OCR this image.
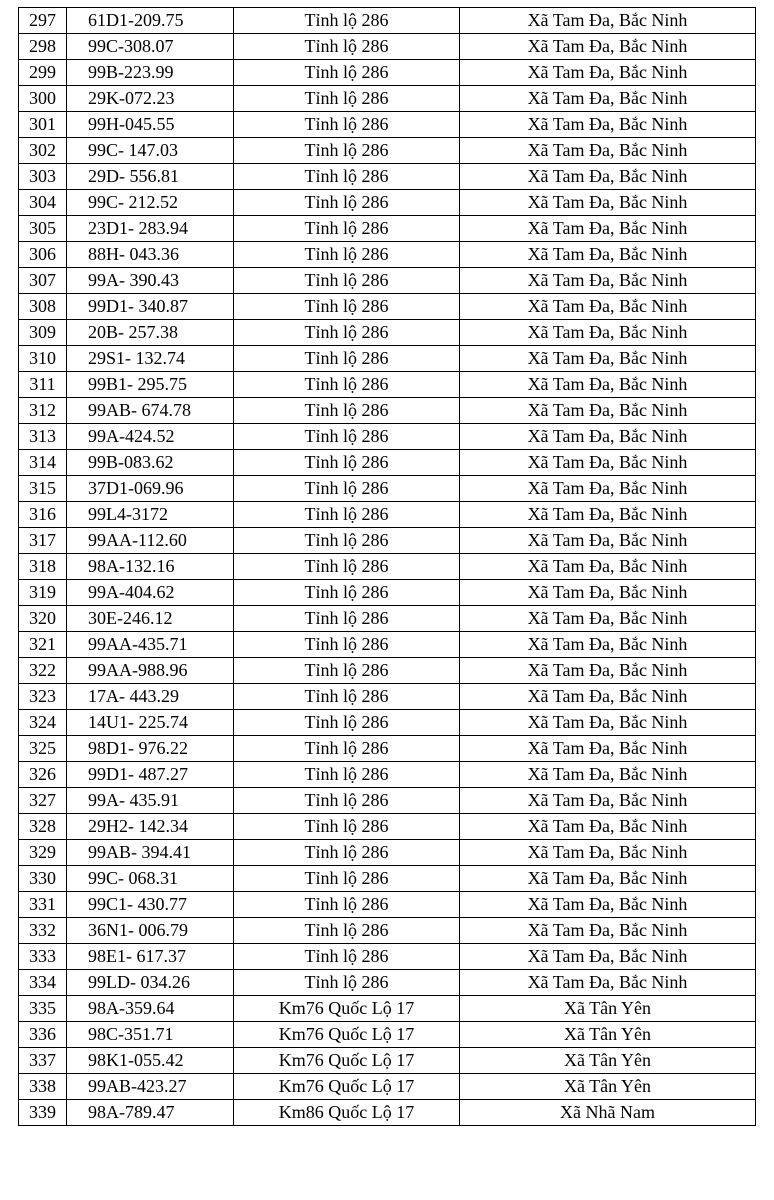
297	61D1-209.75	Tỉnh lộ 286	Xã Tam Đa, Bắc Ninh
298	99C-308.07	Tỉnh lộ 286	Xã Tam Đa, Bắc Ninh
299	99B-223.99	Tỉnh lộ 286	Xã Tam Đa, Bắc Ninh
300	29K-072.23	Tỉnh lộ 286	Xã Tam Đa, Bắc Ninh
301	99H-045.55	Tỉnh lộ 286	Xã Tam Đa, Bắc Ninh
302	99C- 147.03	Tỉnh lộ 286	Xã Tam Đa, Bắc Ninh
303	29D- 556.81	Tỉnh lộ 286	Xã Tam Đa, Bắc Ninh
304	99C- 212.52	Tỉnh lộ 286	Xã Tam Đa, Bắc Ninh
305	23D1- 283.94	Tỉnh lộ 286	Xã Tam Đa, Bắc Ninh
306	88H- 043.36	Tỉnh lộ 286	Xã Tam Đa, Bắc Ninh
307	99A- 390.43	Tỉnh lộ 286	Xã Tam Đa, Bắc Ninh
308	99D1- 340.87	Tỉnh lộ 286	Xã Tam Đa, Bắc Ninh
309	20B- 257.38	Tỉnh lộ 286	Xã Tam Đa, Bắc Ninh
310	29S1- 132.74	Tỉnh lộ 286	Xã Tam Đa, Bắc Ninh
311	99B1- 295.75	Tỉnh lộ 286	Xã Tam Đa, Bắc Ninh
312	99AB- 674.78	Tỉnh lộ 286	Xã Tam Đa, Bắc Ninh
313	99A-424.52	Tỉnh lộ 286	Xã Tam Đa, Bắc Ninh
314	99B-083.62	Tỉnh lộ 286	Xã Tam Đa, Bắc Ninh
315	37D1-069.96	Tỉnh lộ 286	Xã Tam Đa, Bắc Ninh
316	99L4-3172	Tỉnh lộ 286	Xã Tam Đa, Bắc Ninh
317	99AA-112.60	Tỉnh lộ 286	Xã Tam Đa, Bắc Ninh
318	98A-132.16	Tỉnh lộ 286	Xã Tam Đa, Bắc Ninh
319	99A-404.62	Tỉnh lộ 286	Xã Tam Đa, Bắc Ninh
320	30E-246.12	Tỉnh lộ 286	Xã Tam Đa, Bắc Ninh
321	99AA-435.71	Tỉnh lộ 286	Xã Tam Đa, Bắc Ninh
322	99AA-988.96	Tỉnh lộ 286	Xã Tam Đa, Bắc Ninh
323	17A- 443.29	Tỉnh lộ 286	Xã Tam Đa, Bắc Ninh
324	14U1- 225.74	Tỉnh lộ 286	Xã Tam Đa, Bắc Ninh
325	98D1- 976.22	Tỉnh lộ 286	Xã Tam Đa, Bắc Ninh
326	99D1- 487.27	Tỉnh lộ 286	Xã Tam Đa, Bắc Ninh
327	99A- 435.91	Tỉnh lộ 286	Xã Tam Đa, Bắc Ninh
328	29H2- 142.34	Tỉnh lộ 286	Xã Tam Đa, Bắc Ninh
329	99AB- 394.41	Tỉnh lộ 286	Xã Tam Đa, Bắc Ninh
330	99C- 068.31	Tỉnh lộ 286	Xã Tam Đa, Bắc Ninh
331	99C1- 430.77	Tỉnh lộ 286	Xã Tam Đa, Bắc Ninh
332	36N1- 006.79	Tỉnh lộ 286	Xã Tam Đa, Bắc Ninh
333	98E1- 617.37	Tỉnh lộ 286	Xã Tam Đa, Bắc Ninh
334	99LD- 034.26	Tỉnh lộ 286	Xã Tam Đa, Bắc Ninh
335	98A-359.64	Km76 Quốc Lộ 17	Xã Tân Yên
336	98C-351.71	Km76 Quốc Lộ 17	Xã Tân Yên
337	98K1-055.42	Km76 Quốc Lộ 17	Xã Tân Yên
338	99AB-423.27	Km76 Quốc Lộ 17	Xã Tân Yên
339	98A-789.47	Km86 Quốc Lộ 17	Xã Nhã Nam
